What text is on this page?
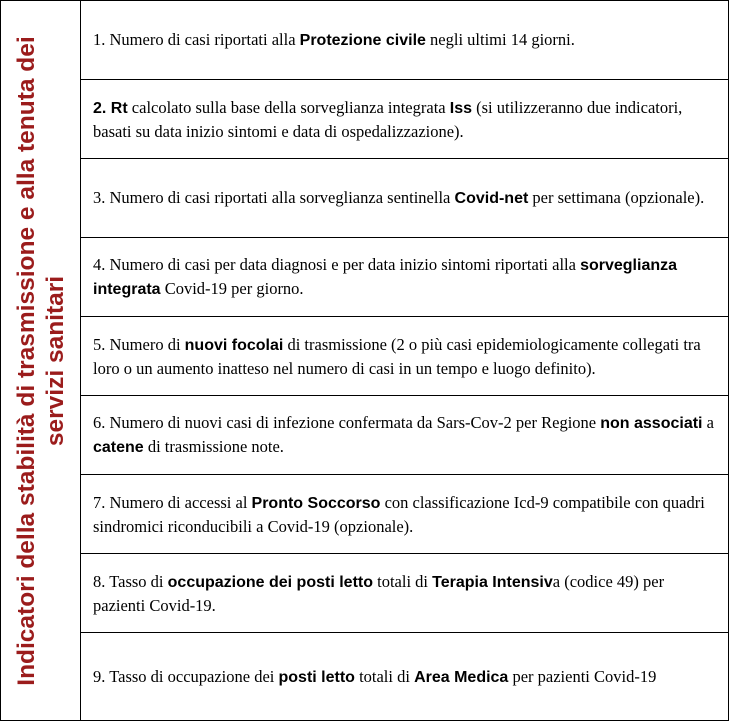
Indicatori della stabilità di trasmissione e alla tenuta dei servizi sanitari
1. Numero di casi riportati alla Protezione civile negli ultimi 14 giorni.
2. Rt calcolato sulla base della sorveglianza integrata Iss (si utilizzeranno due indicatori, basati su data inizio sintomi e data di ospedalizzazione).
3. Numero di casi riportati alla sorveglianza sentinella Covid-net per settimana (opzionale).
4. Numero di casi per data diagnosi e per data inizio sintomi riportati alla sorveglianza integrata Covid-19 per giorno.
5. Numero di nuovi focolai di trasmissione (2 o più casi epidemiologicamente collegati tra loro o un aumento inatteso nel numero di casi in un tempo e luogo definito).
6. Numero di nuovi casi di infezione confermata da Sars-Cov-2 per Regione non associati a catene di trasmissione note.
7. Numero di accessi al Pronto Soccorso con classificazione Icd-9 compatibile con quadri sindromici riconducibili a Covid-19 (opzionale).
8. Tasso di occupazione dei posti letto totali di Terapia Intensiva (codice 49) per pazienti Covid-19.
9. Tasso di occupazione dei posti letto totali di Area Medica per pazienti Covid-19
